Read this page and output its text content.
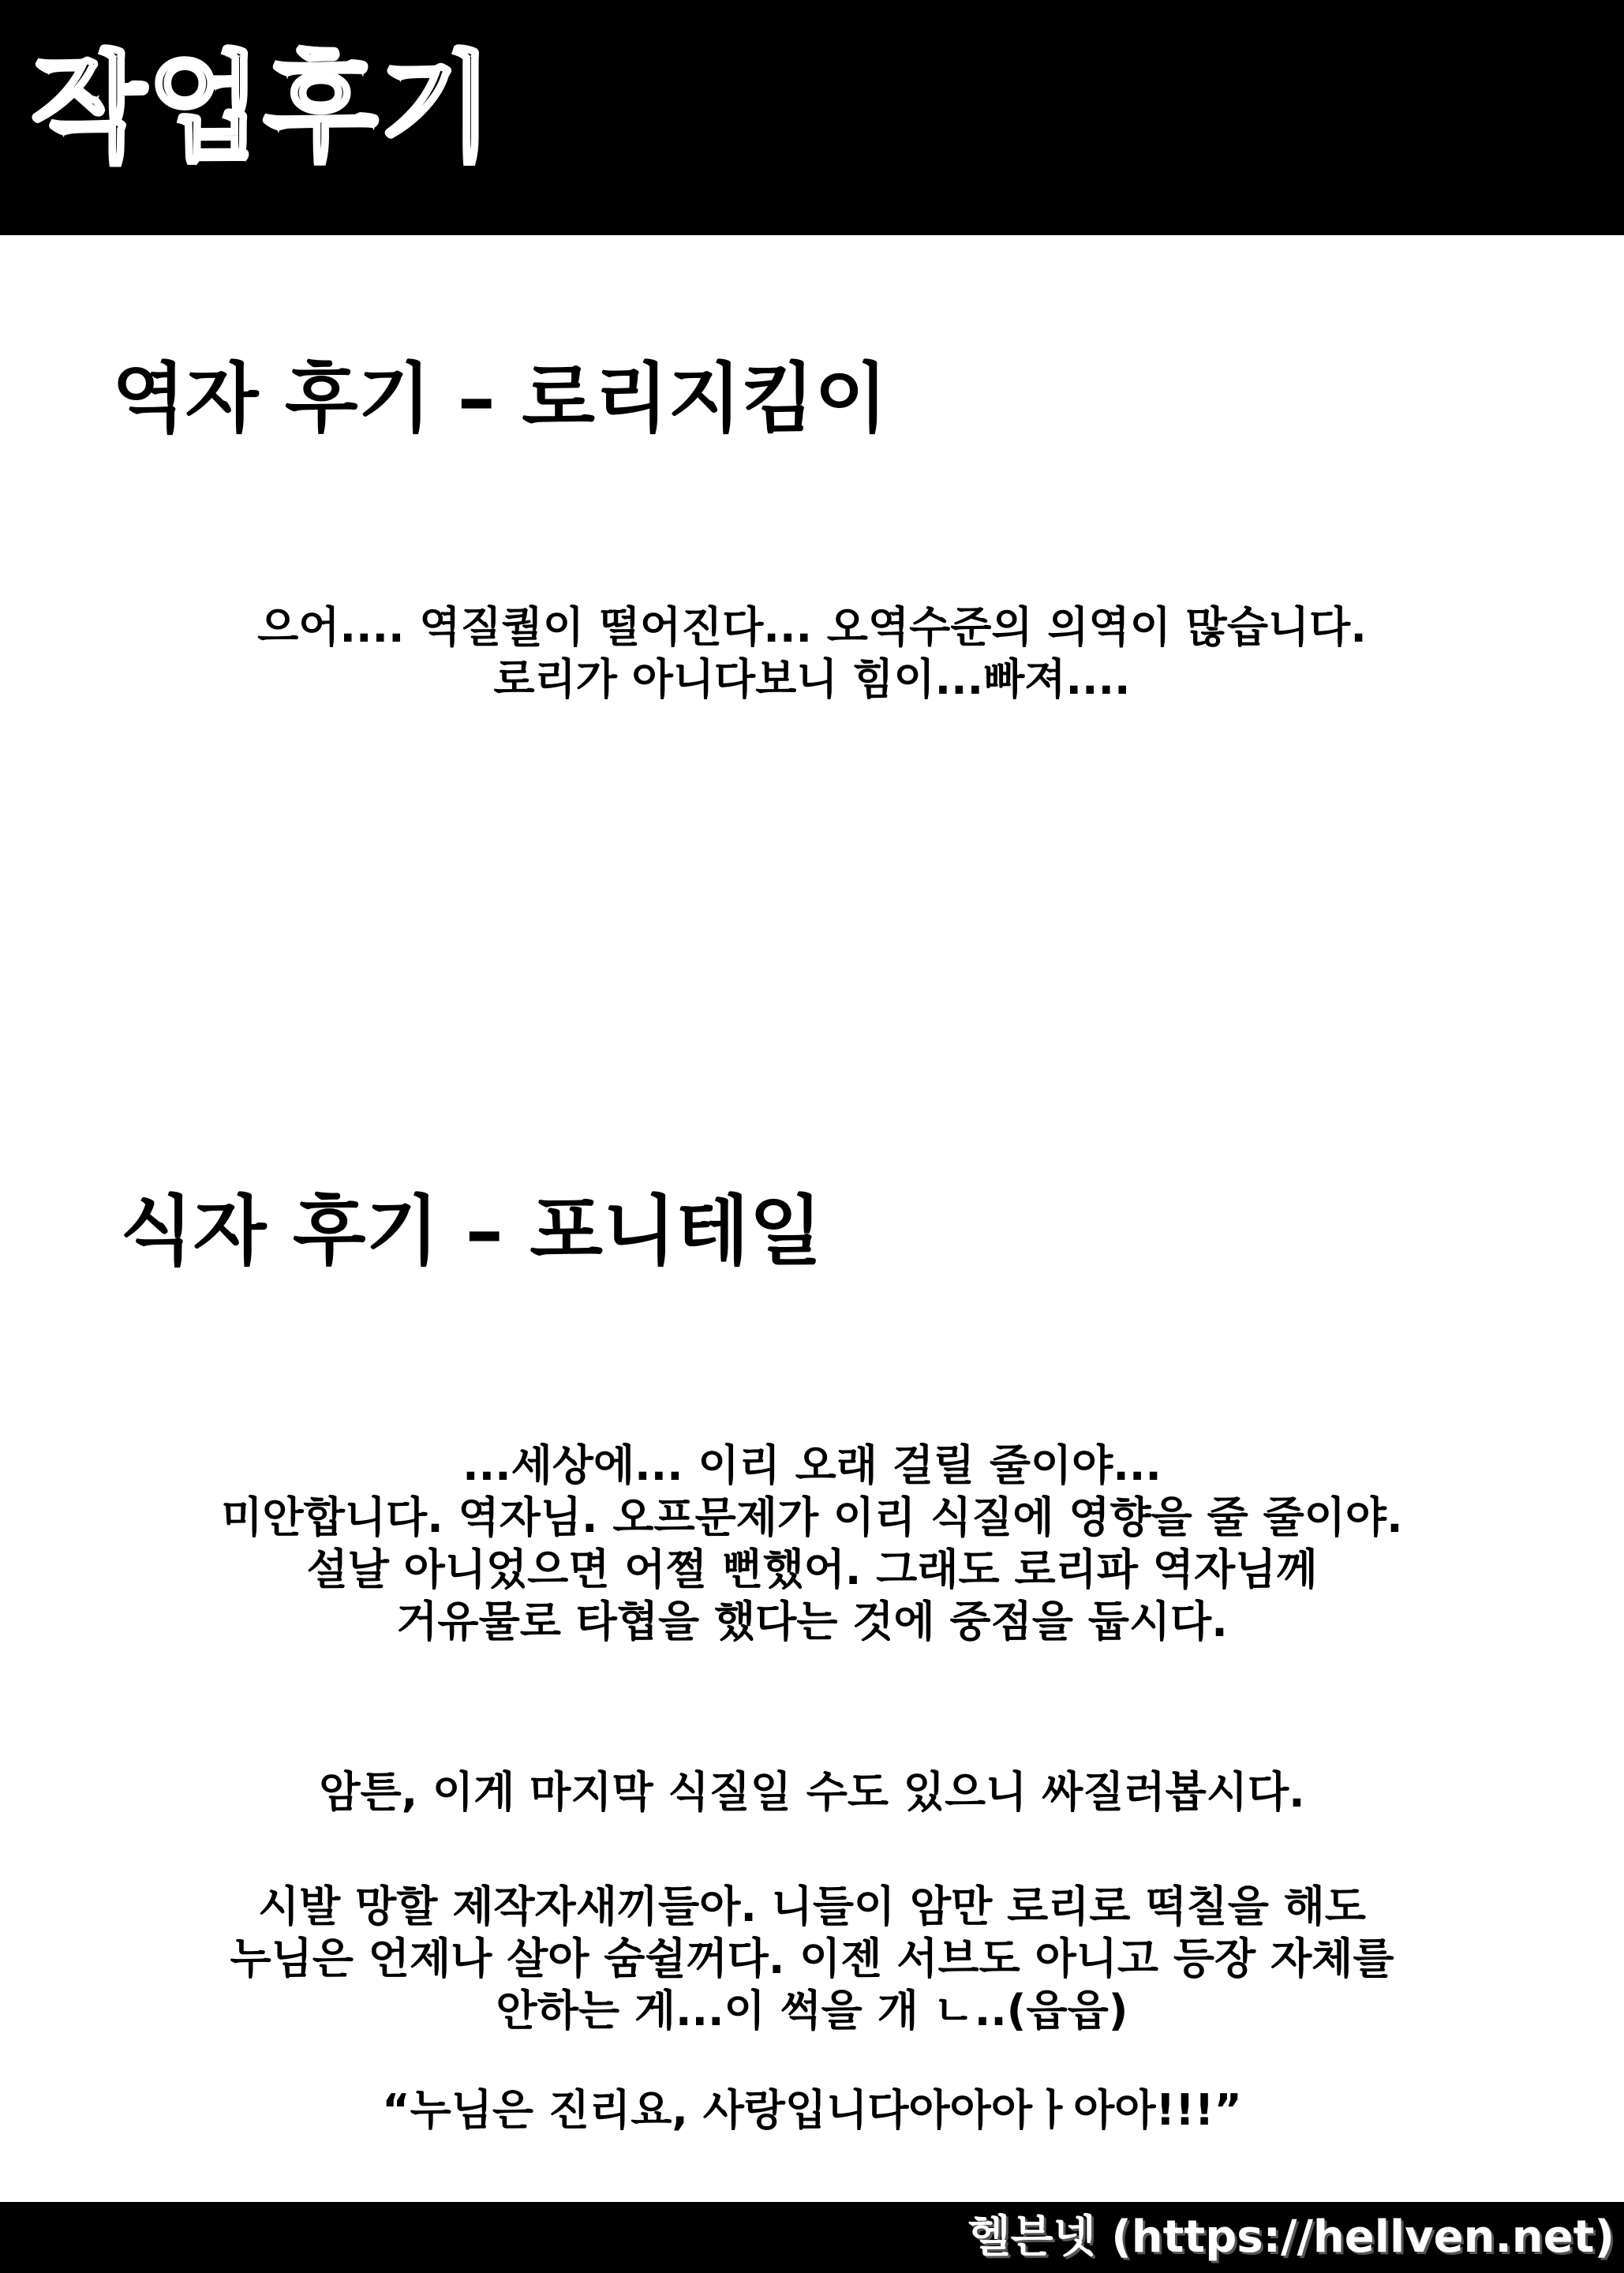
작업후기
역자 후기 – 로리지킴이
으어.... 역질퀄이 떨어진다... 오역수준의 의역이 많습니다.
로리가 아니다보니 힘이...빠져....
식자 후기 – 포니테일
...세상에... 이리 오래 걸릴 줄이야...
미안합니다. 역자님. 오프문제가 이리 식질에 영향을 줄 줄이야.
설날 아니었으면 어쩔 뻔했어. 그래도 로리파 역자님께
거유물로 타협을 했다는 것에 중점을 둡시다.
암튼, 이게 마지막 식질일 수도 있으니 싸질러봅시다.
시발 망할 제작자새끼들아. 니들이 암만 로리로 떡칠을 해도
누님은 언제나 살아 숨쉴꺼다. 이젠 서브도 아니고 등장 자체를
안하는 게...이 썩을 개 ㄴ..(읍읍)
“누님은 진리요, 사랑입니다아아아ㅏ아아!!!”
헬븐넷 (https://hellven.net)
